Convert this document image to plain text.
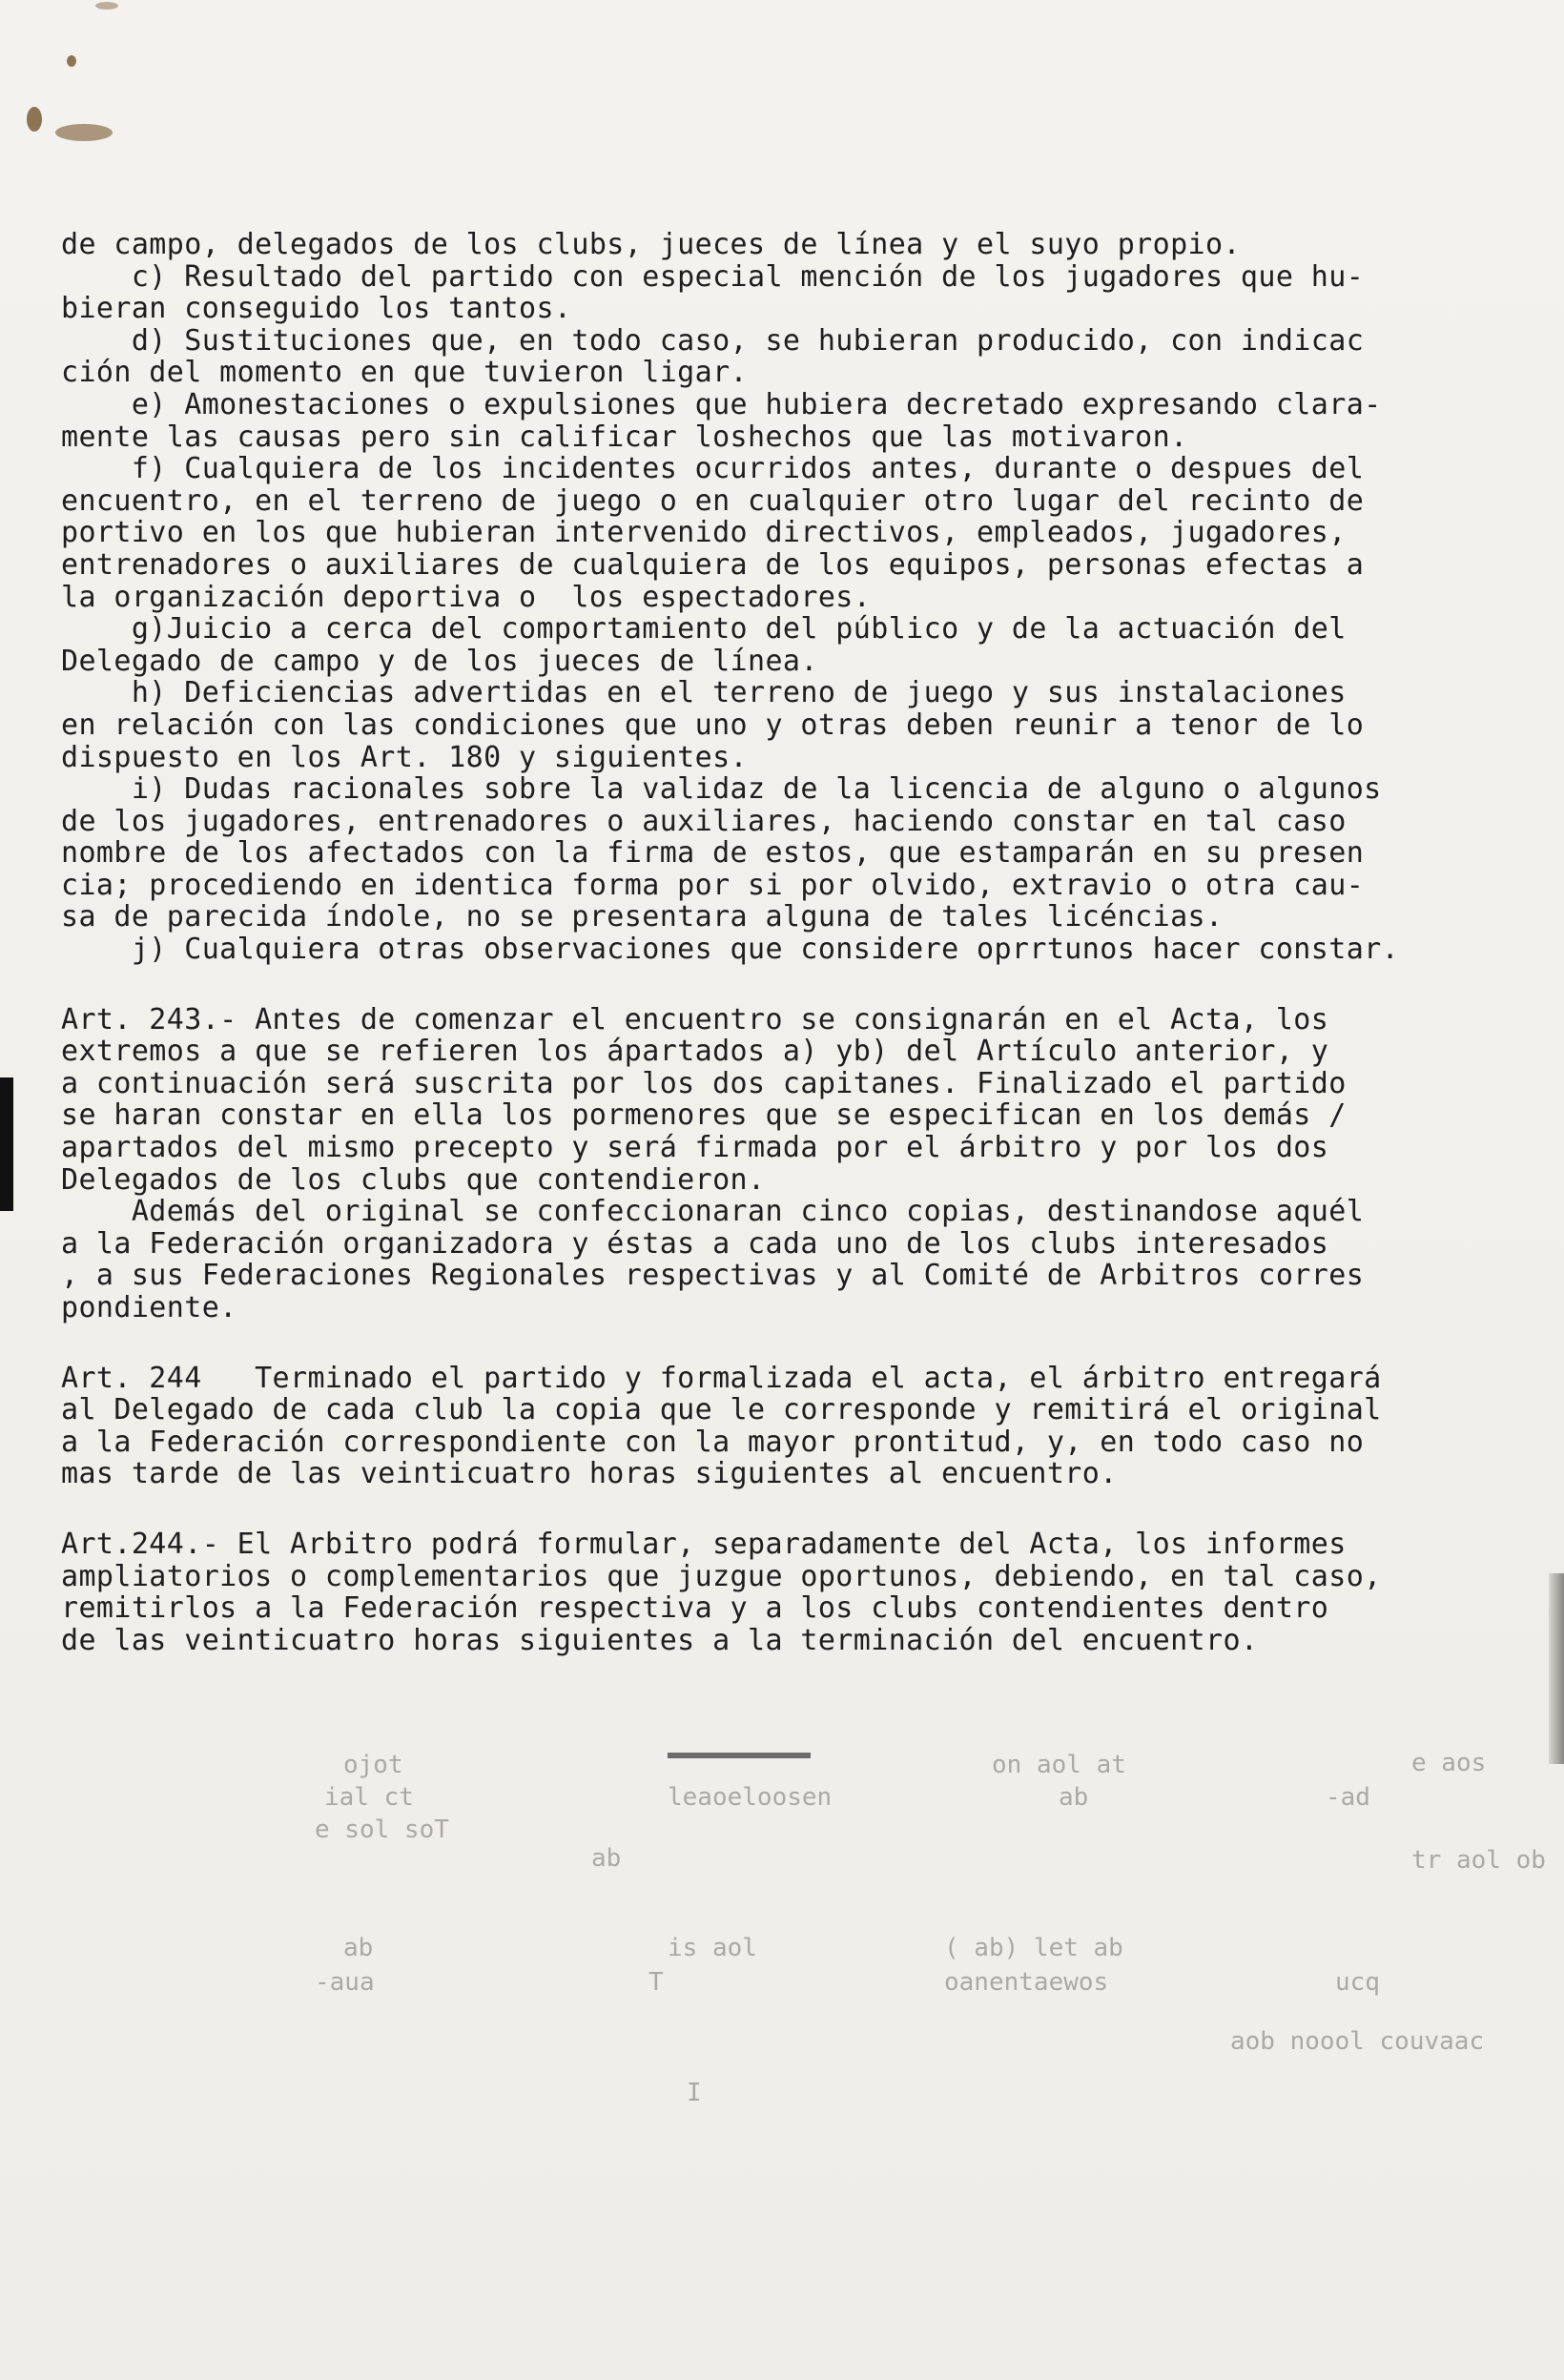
de campo, delegados de los clubs, jueces de línea y el suyo propio.
c) Resultado del partido con especial mención de los jugadores que hu-
bieran conseguido los tantos.
d) Sustituciones que, en todo caso, se hubieran producido, con indicac
ción del momento en que tuvieron ligar.
e) Amonestaciones o expulsiones que hubiera decretado expresando clara-
mente las causas pero sin calificar loshechos que las motivaron.
f) Cualquiera de los incidentes ocurridos antes, durante o despues del
encuentro, en el terreno de juego o en cualquier otro lugar del recinto de
portivo en los que hubieran intervenido directivos, empleados, jugadores,
entrenadores o auxiliares de cualquiera de los equipos, personas efectas a
la organización deportiva o  los espectadores.
g)Juicio a cerca del comportamiento del público y de la actuación del
Delegado de campo y de los jueces de línea.
h) Deficiencias advertidas en el terreno de juego y sus instalaciones
en relación con las condiciones que uno y otras deben reunir a tenor de lo
dispuesto en los Art. 180 y siguientes.
i) Dudas racionales sobre la validaz de la licencia de alguno o algunos
de los jugadores, entrenadores o auxiliares, haciendo constar en tal caso
nombre de los afectados con la firma de estos, que estamparán en su presen
cia; procediendo en identica forma por si por olvido, extravio o otra cau-
sa de parecida índole, no se presentara alguna de tales licéncias.
j) Cualquiera otras observaciones que considere oprrtunos hacer constar.
Art. 243.- Antes de comenzar el encuentro se consignarán en el Acta, los
extremos a que se refieren los ápartados a) yb) del Artículo anterior, y
a continuación será suscrita por los dos capitanes. Finalizado el partido
se haran constar en ella los pormenores que se especifican en los demás /
apartados del mismo precepto y será firmada por el árbitro y por los dos
Delegados de los clubs que contendieron.
Además del original se confeccionaran cinco copias, destinandose aquél
a la Federación organizadora y éstas a cada uno de los clubs interesados
, a sus Federaciones Regionales respectivas y al Comité de Arbitros corres
pondiente.
Art. 244   Terminado el partido y formalizada el acta, el árbitro entregará
al Delegado de cada club la copia que le corresponde y remitirá el original
a la Federación correspondiente con la mayor prontitud, y, en todo caso no
mas tarde de las veinticuatro horas siguientes al encuentro.
Art.244.- El Arbitro podrá formular, separadamente del Acta, los informes
ampliatorios o complementarios que juzgue oportunos, debiendo, en tal caso,
remitirlos a la Federación respectiva y a los clubs contendientes dentro
de las veinticuatro horas siguientes a la terminación del encuentro.
ojot
ial ct
e sol soT
ab
is aol
ab
-aua	T
I
on aol at
leaoeloosen	ab
tr aol ob
-ad
ucq
e aos
( ab) let ab
oanentaewos
aob noool couvaac
